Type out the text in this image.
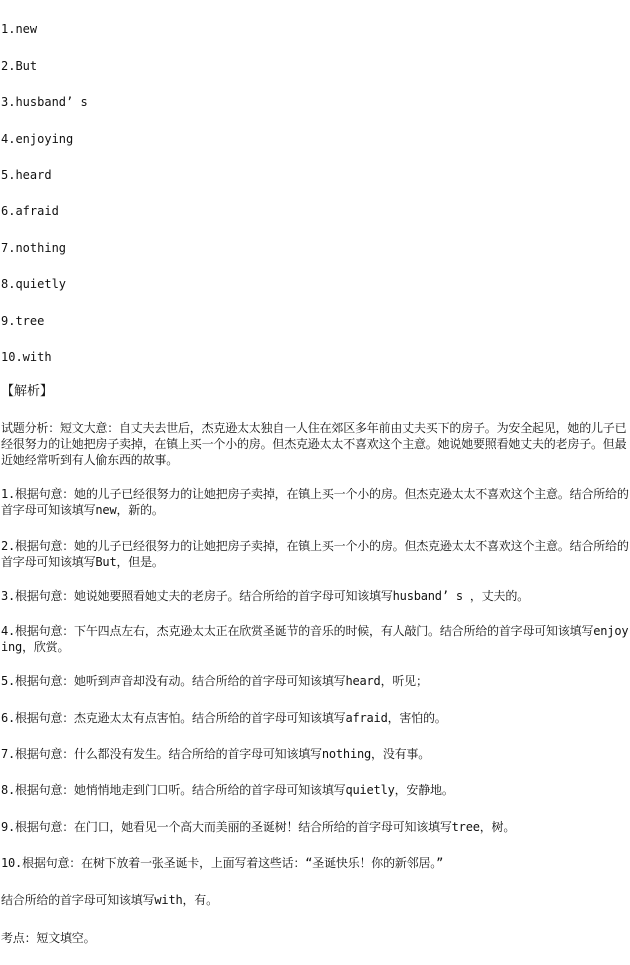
1.new
2.But
3.husband’ s
4.enjoying
5.heard
6.afraid
7.nothing
8.quietly
9.tree
10.with
【解析】
试题分析：短文大意：自丈夫去世后，杰克逊太太独自一人住在郊区多年前由丈夫买下的房子。为安全起见，她的儿子已经很努力的让她把房子卖掉，在镇上买一个小的房。但杰克逊太太不喜欢这个主意。她说她要照看她丈夫的老房子。但最近她经常听到有人偷东西的故事。
1.根据句意：她的儿子已经很努力的让她把房子卖掉，在镇上买一个小的房。但杰克逊太太不喜欢这个主意。结合所给的首字母可知该填写new，新的。
2.根据句意：她的儿子已经很努力的让她把房子卖掉，在镇上买一个小的房。但杰克逊太太不喜欢这个主意。结合所给的首字母可知该填写But，但是。
3.根据句意：她说她要照看她丈夫的老房子。结合所给的首字母可知该填写husband’ s ，丈夫的。
4.根据句意：下午四点左右，杰克逊太太正在欣赏圣诞节的音乐的时候，有人敲门。结合所给的首字母可知该填写enjoying，欣赏。
5.根据句意：她听到声音却没有动。结合所给的首字母可知该填写heard，听见；
6.根据句意：杰克逊太太有点害怕。结合所给的首字母可知该填写afraid，害怕的。
7.根据句意：什么都没有发生。结合所给的首字母可知该填写nothing，没有事。
8.根据句意：她悄悄地走到门口听。结合所给的首字母可知该填写quietly，安静地。
9.根据句意：在门口，她看见一个高大而美丽的圣诞树！结合所给的首字母可知该填写tree，树。
10.根据句意：在树下放着一张圣诞卡，上面写着这些话：“圣诞快乐！你的新邻居。”
结合所给的首字母可知该填写with，有。
考点：短文填空。
